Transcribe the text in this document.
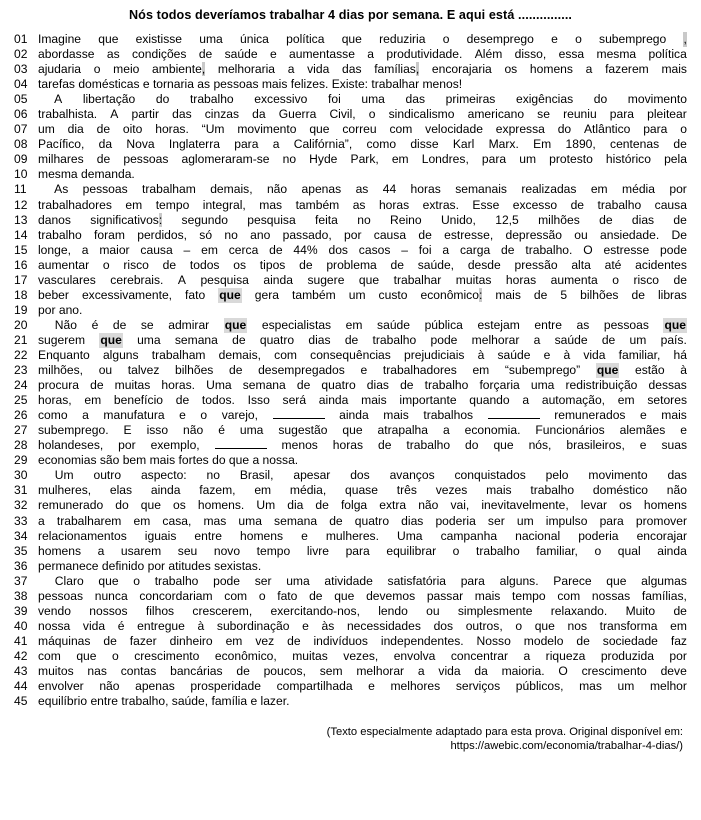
Nós todos deveríamos trabalhar 4 dias por semana. E aqui está ...............
01 Imagine que existisse uma única política que reduziria o desemprego e o subemprego ,
02 abordasse as condições de saúde e aumentasse a produtividade. Além disso, essa mesma política
03 ajudaria o meio ambiente, melhoraria a vida das famílias, encorajaria os homens a fazerem mais
04 tarefas domésticas e tornaria as pessoas mais felizes. Existe: trabalhar menos!
05 A libertação do trabalho excessivo foi uma das primeiras exigências do movimento
06 trabalhista. A partir das cinzas da Guerra Civil, o sindicalismo americano se reuniu para pleitear
07 um dia de oito horas. “Um movimento que correu com velocidade expressa do Atlântico para o
08 Pacífico, da Nova Inglaterra para a Califórnia”, como disse Karl Marx. Em 1890, centenas de
09 milhares de pessoas aglomeraram-se no Hyde Park, em Londres, para um protesto histórico pela
10 mesma demanda.
11 As pessoas trabalham demais, não apenas as 44 horas semanais realizadas em média por
12 trabalhadores em tempo integral, mas também as horas extras. Esse excesso de trabalho causa
13 danos significativos: segundo pesquisa feita no Reino Unido, 12,5 milhões de dias de
14 trabalho foram perdidos, só no ano passado, por causa de estresse, depressão ou ansiedade. De
15 longe, a maior causa – em cerca de 44% dos casos – foi a carga de trabalho. O estresse pode
16 aumentar o risco de todos os tipos de problema de saúde, desde pressão alta até acidentes
17 vasculares cerebrais. A pesquisa ainda sugere que trabalhar muitas horas aumenta o risco de
18 beber excessivamente, fato que gera também um custo econômico: mais de 5 bilhões de libras
19 por ano.
20 Não é de se admirar que especialistas em saúde pública estejam entre as pessoas que
21 sugerem que uma semana de quatro dias de trabalho pode melhorar a saúde de um país.
22 Enquanto alguns trabalham demais, com consequências prejudiciais à saúde e à vida familiar, há
23 milhões, ou talvez bilhões de desempregados e trabalhadores em “subemprego” que estão à
24 procura de muitas horas. Uma semana de quatro dias de trabalho forçaria uma redistribuição dessas
25 horas, em benefício de todos. Isso será ainda mais importante quando a automação, em setores
26 como a manufatura e o varejo,	ainda mais trabalhos	remunerados e mais
27 subemprego. E isso não é uma sugestão que atrapalha a economia. Funcionários alemães e
28 holandeses, por exemplo,	menos horas de trabalho do que nós, brasileiros, e suas
29 economias são bem mais fortes do que a nossa.
30 Um outro aspecto: no Brasil, apesar dos avanços conquistados pelo movimento das
31 mulheres, elas ainda fazem, em média, quase três vezes mais trabalho doméstico não
32 remunerado do que os homens. Um dia de folga extra não vai, inevitavelmente, levar os homens
33 a trabalharem em casa, mas uma semana de quatro dias poderia ser um impulso para promover
34 relacionamentos iguais entre homens e mulheres. Uma campanha nacional poderia encorajar
35 homens a usarem seu novo tempo livre para equilibrar o trabalho familiar, o qual ainda
36 permanece definido por atitudes sexistas.
37 Claro que o trabalho pode ser uma atividade satisfatória para alguns. Parece que algumas
38 pessoas nunca concordariam com o fato de que devemos passar mais tempo com nossas famílias,
39 vendo nossos filhos crescerem, exercitando-nos, lendo ou simplesmente relaxando. Muito de
40 nossa vida é entregue à subordinação e às necessidades dos outros, o que nos transforma em
41 máquinas de fazer dinheiro em vez de indivíduos independentes. Nosso modelo de sociedade faz
42 com que o crescimento econômico, muitas vezes, envolva concentrar a riqueza produzida por
43 muitos nas contas bancárias de poucos, sem melhorar a vida da maioria. O crescimento deve
44 envolver não apenas prosperidade compartilhada e melhores serviços públicos, mas um melhor
45 equilíbrio entre trabalho, saúde, família e lazer.
(Texto especialmente adaptado para esta prova. Original disponível em:
https://awebic.com/economia/trabalhar-4-dias/)
